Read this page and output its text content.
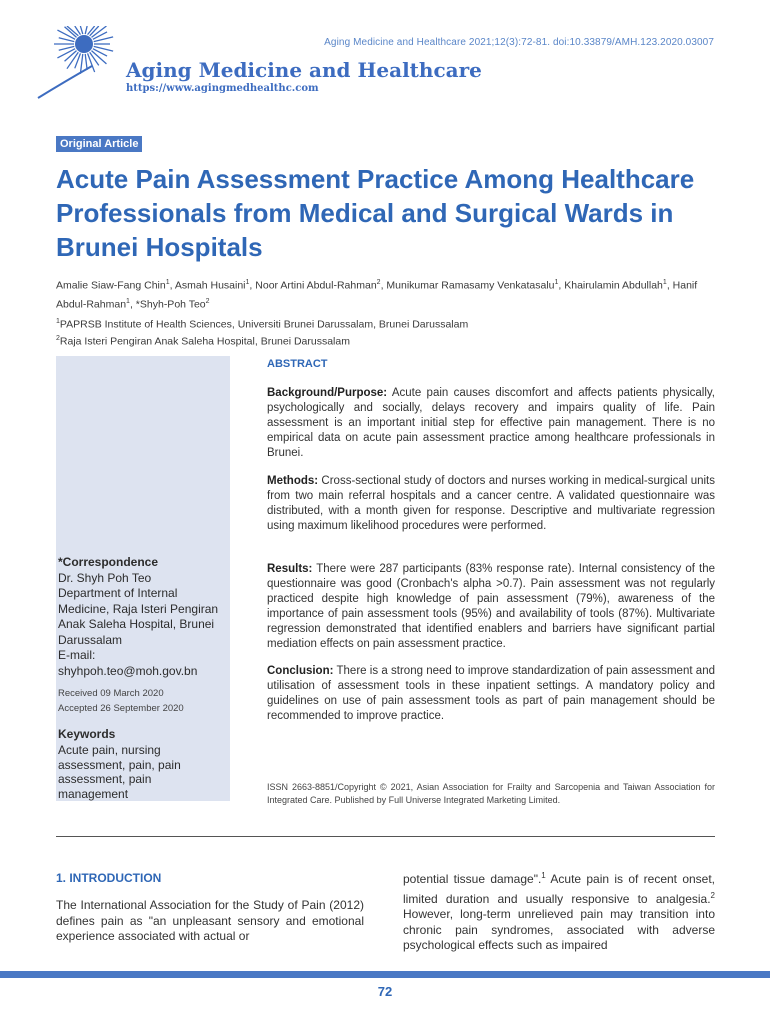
Aging Medicine and Healthcare 2021;12(3):72-81. doi:10.33879/AMH.123.2020.03007
Aging Medicine and Healthcare
https://www.agingmedhealthc.com
Original Article
Acute Pain Assessment Practice Among Healthcare Professionals from Medical and Surgical Wards in Brunei Hospitals
Amalie Siaw-Fang Chin$^1$, Asmah Husaini$^1$, Noor Artini Abdul-Rahman$^2$, Munikumar Ramasamy Venkatasalu$^1$, Khairulamin Abdullah$^1$, Hanif Abdul-Rahman$^1$, *Shyh-Poh Teo$^2$
$^1$PAPRSB Institute of Health Sciences, Universiti Brunei Darussalam, Brunei Darussalam
$^2$Raja Isteri Pengiran Anak Saleha Hospital, Brunei Darussalam
*Correspondence
Dr. Shyh Poh Teo
Department of Internal Medicine, Raja Isteri Pengiran Anak Saleha Hospital, Brunei Darussalam
E-mail:
shyhpoh.teo@moh.gov.bn
Received 09 March 2020
Accepted 26 September 2020
Keywords
Acute pain, nursing assessment, pain, pain assessment, pain management
ABSTRACT

Background/Purpose: Acute pain causes discomfort and affects patients physically, psychologically and socially, delays recovery and impairs quality of life. Pain assessment is an important initial step for effective pain management. There is no empirical data on acute pain assessment practice among healthcare professionals in Brunei.

Methods: Cross-sectional study of doctors and nurses working in medical-surgical units from two main referral hospitals and a cancer centre. A validated questionnaire was distributed, with a month given for response. Descriptive and multivariate regression using maximum likelihood procedures were performed.

Results: There were 287 participants (83% response rate). Internal consistency of the questionnaire was good (Cronbach's alpha >0.7). Pain assessment was not regularly practiced despite high knowledge of pain assessment (79%), awareness of the importance of pain assessment tools (95%) and availability of tools (87%). Multivariate regression demonstrated that identified enablers and barriers have significant partial mediation effects on pain assessment practice.

Conclusion: There is a strong need to improve standardization of pain assessment and utilisation of assessment tools in these inpatient settings. A mandatory policy and guidelines on use of pain assessment tools as part of pain management should be recommended to improve practice.

ISSN 2663-8851/Copyright © 2021, Asian Association for Frailty and Sarcopenia and Taiwan Association for Integrated Care. Published by Full Universe Integrated Marketing Limited.
1. INTRODUCTION

The International Association for the Study of Pain (2012) defines pain as "an unpleasant sensory and emotional experience associated with actual or

potential tissue damage".$^1$ Acute pain is of recent onset, limited duration and usually responsive to analgesia.$^2$ However, long-term unrelieved pain may transition into chronic pain syndromes, associated with adverse psychological effects such as impaired

72
